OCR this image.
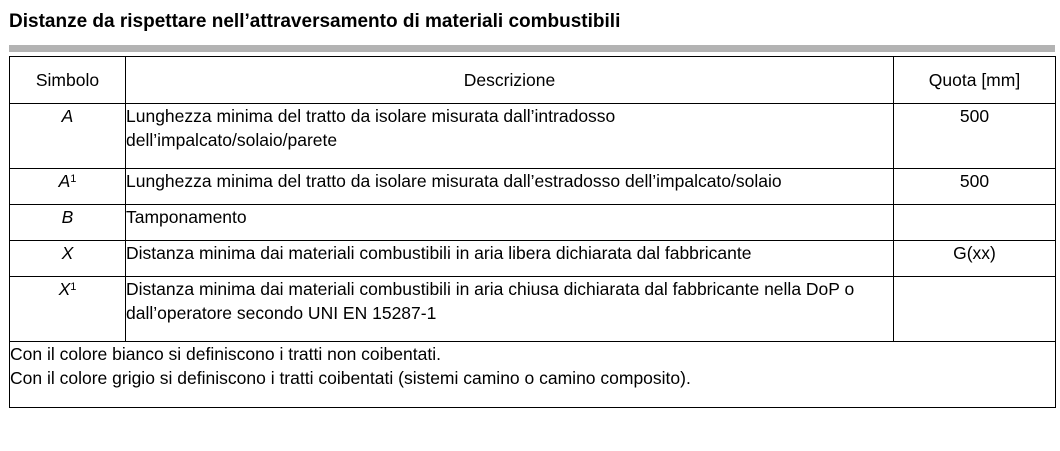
Distanze da rispettare nell’attraversamento di materiali combustibili
Simbolo	Descrizione	Quota [mm]
A	Lunghezza minima del tratto da isolare misurata dall’intradosso dell’impalcato/solaio/parete	500
$A^1$	Lunghezza minima del tratto da isolare misurata dall’estradosso dell’impalcato/solaio	500
B	Tamponamento	
X	Distanza minima dai materiali combustibili in aria libera dichiarata dal fabbricante	G(xx)
$X^1$	Distanza minima dai materiali combustibili in aria chiusa dichiarata dal fabbricante nella DoP o dall’operatore secondo UNI EN 15287-1	

Con il colore bianco si definiscono i tratti non coibentati.
Con il colore grigio si definiscono i tratti coibentati (sistemi camino o camino composito).		
